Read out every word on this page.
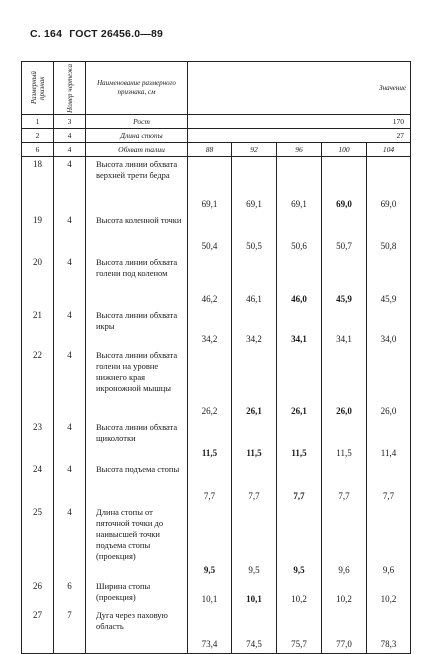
С. 164 ГОСТ 26456.0—89
Размерный признак	Номер чертежа	Наименование размерного признака, см	Значение				
1	3	Рост	170				
2	4	Длина стопы	27				
6	4	Обхват талии	88	92	96	100	104
18	4	Высота линии обхвата верхней трети бедра	69,1	69,1	69,1	69,0	69,0
19	4	Высота коленной точки	50,4	50,5	50,6	50,7	50,8
20	4	Высота линии обхвата голени под коленом	46,2	46,1	46,0	45,9	45,9
21	4	Высота линии обхвата икры	34,2	34,2	34,1	34,1	34,0
22	4	Высота линии обхвата голени на уровне нижнего края икроножной мышцы	26,2	26,1	26,1	26,0	26,0
23	4	Высота линии обхвата щиколотки	11,5	11,5	11,5	11,5	11,4
24	4	Высота подъема стопы	7,7	7,7	7,7	7,7	7,7
25	4	Длина стопы от пяточной точки до наивысшей точки подъема стопы (проекция)	9,5	9,5	9,5	9,6	9,6
26	6	Ширина стопы (проекция)	10,1	10,1	10,2	10,2	10,2
27	7	Дуга через паховую область	73,4	74,5	75,7	77,0	78,3
